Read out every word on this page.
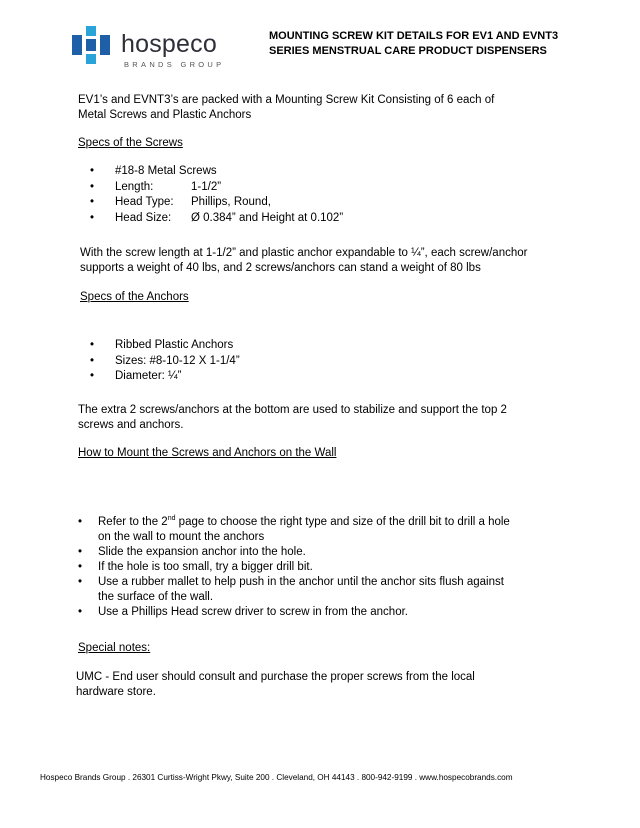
hospeco
BRANDS GROUP
MOUNTING SCREW KIT DETAILS FOR EV1 AND EVNT3
SERIES MENSTRUAL CARE PRODUCT DISPENSERS
EV1’s and EVNT3’s are packed with a Mounting Screw Kit Consisting of 6 each of
Metal Screws and Plastic Anchors
Specs of the Screws
• #18-8 Metal Screws
• Length:	1-1/2”
• Head Type: Phillips, Round,
• Head Size: Ø 0.384” and Height at 0.102”
With the screw length at 1-1/2” and plastic anchor expandable to ¼”, each screw/anchor
supports a weight of 40 lbs, and 2 screws/anchors can stand a weight of 80 lbs
Specs of the Anchors
• Ribbed Plastic Anchors
• Sizes: #8-10-12 X 1-1/4”
• Diameter: ¼”
The extra 2 screws/anchors at the bottom are used to stabilize and support the top 2
screws and anchors.
How to Mount the Screws and Anchors on the Wall
• Refer to the 2nd page to choose the right type and size of the drill bit to drill a hole
on the wall to mount the anchors
• Slide the expansion anchor into the hole.
• If the hole is too small, try a bigger drill bit.
• Use a rubber mallet to help push in the anchor until the anchor sits flush against
the surface of the wall.
• Use a Phillips Head screw driver to screw in from the anchor.
Special notes:
UMC - End user should consult and purchase the proper screws from the local
hardware store.
Hospeco Brands Group . 26301 Curtiss-Wright Pkwy, Suite 200 . Cleveland, OH 44143 . 800-942-9199 . www.hospecobrands.com
